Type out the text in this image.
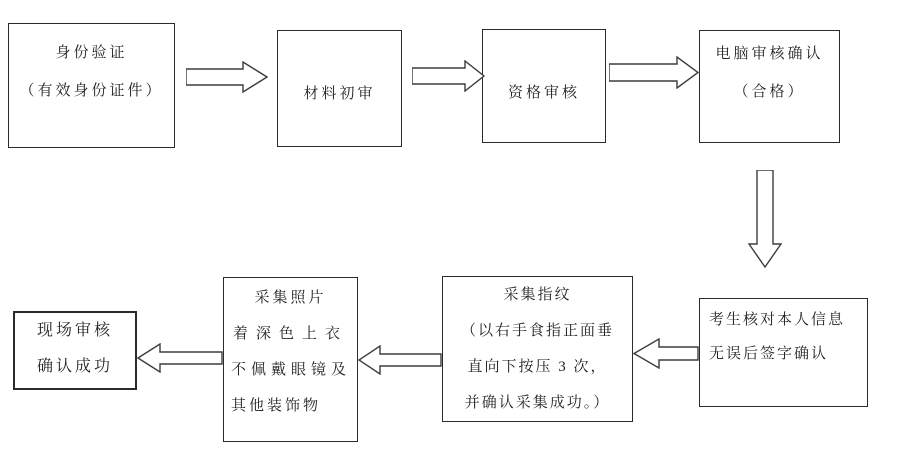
身份验证
（有效身份证件）	材料初审	资格审核
电脑审核确认
（合格）
考生核对本人信息
无误后签字确认
采集指纹
（以右手食指正面垂
直向下按压 3 次，
并确认采集成功。）
采集照片
着深色上衣
不佩戴眼镜及
其他装饰物
现场审核
确认成功
